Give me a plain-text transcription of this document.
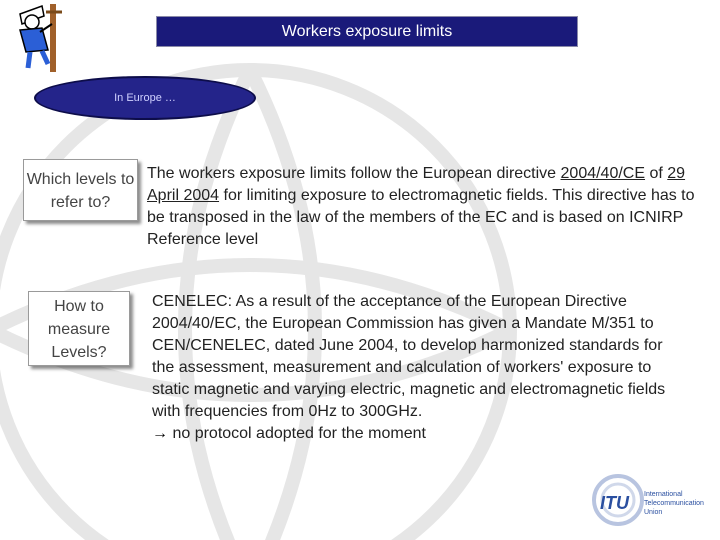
Workers exposure limits
In Europe …
Which levels to refer to?
How to measure Levels?

The workers exposure limits follow the European directive 2004/40/CE of 29 April 2004 for limiting exposure to electromagnetic fields. This directive has to be transposed in the law of the members of the EC and is based on ICNIRP Reference level

CENELEC: As a result of the acceptance of the European Directive 2004/40/EC, the European Commission has given a Mandate M/351 to CEN/CENELEC, dated June 2004, to develop harmonized standards for the assessment, measurement and calculation of workers' exposure to static magnetic and varying electric, magnetic and electromagnetic fields with frequencies from 0Hz to 300GHz.
→ no protocol adopted for the moment

ITU International
Telecommunication
Union
